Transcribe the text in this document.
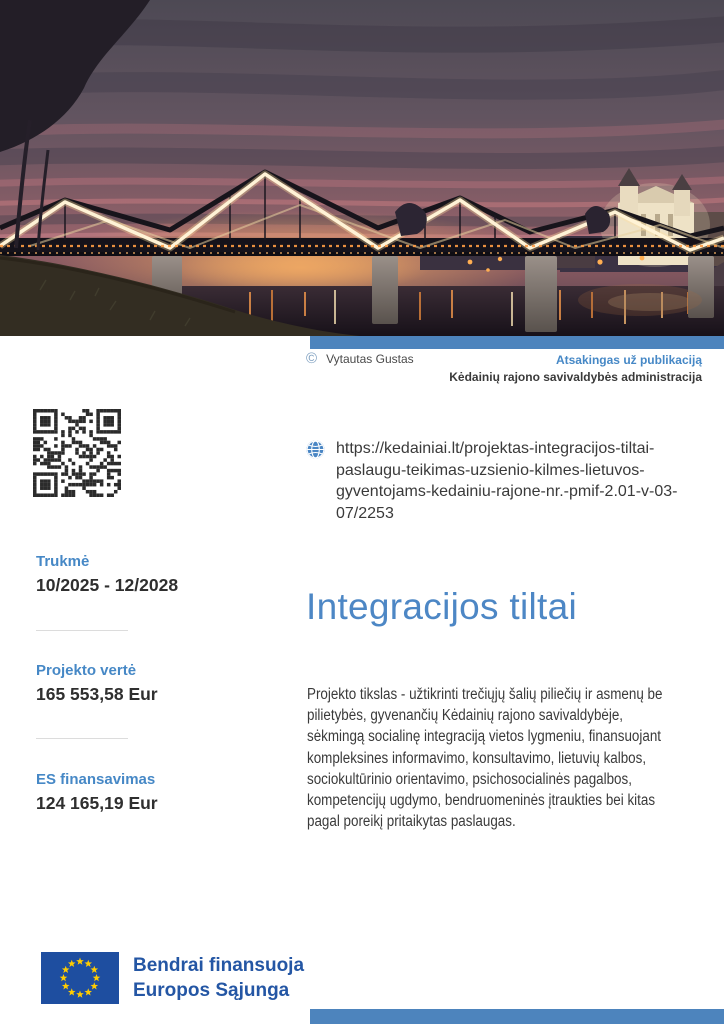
© Vytautas Gustas	Atsakingas už publikaciją
Kėdainių rajono savivaldybės administracija
https://kedainiai.lt/projektas-integracijos-tiltai-paslaugu-teikimas-uzsienio-kilmes-lietuvos-gyventojams-kedainiu-rajone-nr.-pmif-2.01-v-03-07/2253
Trukmė
10/2025 - 12/2028
Projekto vertė
165 553,58 Eur
ES finansavimas
124 165,19 Eur
Integracijos tiltai

Projekto tikslas - užtikrinti trečiųjų šalių piliečių ir asmenų be pilietybės, gyvenančių Kėdainių rajono savivaldybėje, sėkmingą socialinę integraciją vietos lygmeniu, finansuojant kompleksines informavimo, konsultavimo, lietuvių kalbos, sociokultūrinio orientavimo, psichosocialinės pagalbos, kompetencijų ugdymo, bendruomeninės įtraukties bei kitas pagal poreikį pritaikytas paslaugas.

Bendrai finansuoja
Europos Sąjunga
